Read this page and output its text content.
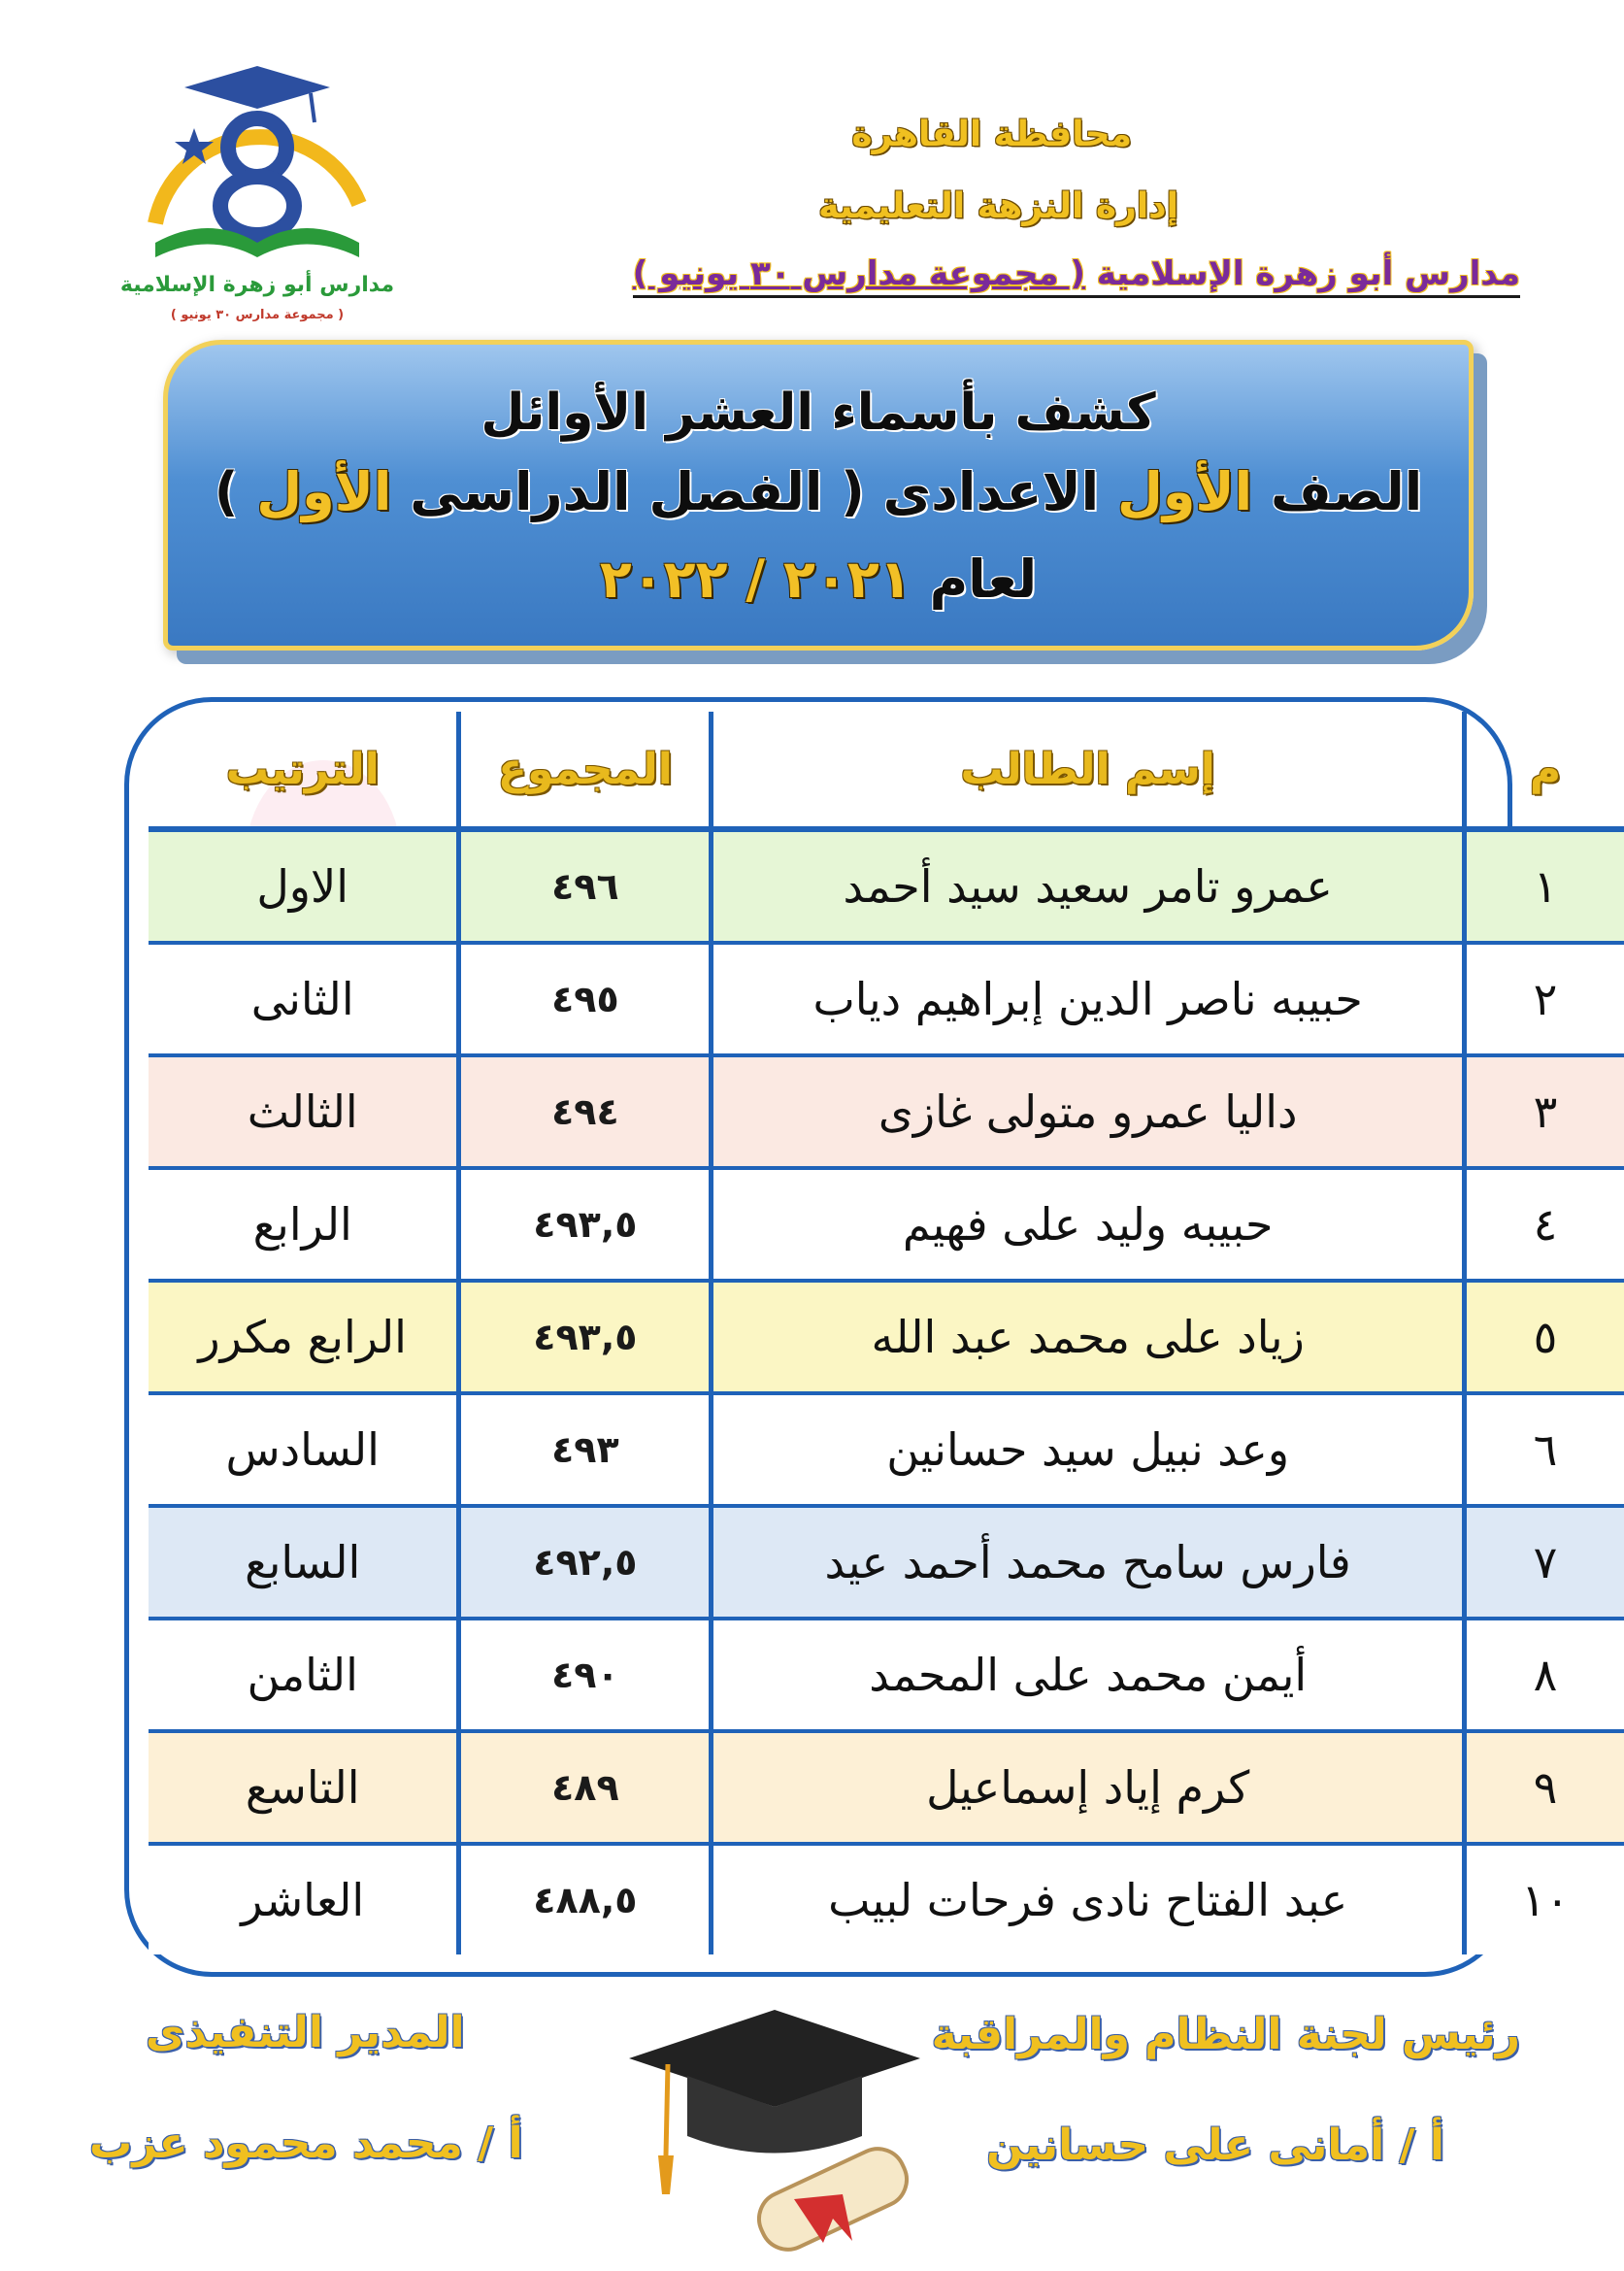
مدارس أبو زهرة الإسلامية
( مجموعة مدارس ٣٠ يونيو )
محافظة القاهرة
إدارة النزهة التعليمية
مدارس أبو زهرة الإسلامية ( مجموعة مدارس ٣٠ يونيو )
كشف بأسماء العشر الأوائل
الصف الأول الاعدادى ( الفصل الدراسى الأول )
لعام ٢٠٢١ / ٢٠٢٢
م	إسم الطالب	المجموع	الترتيب
١	عمرو تامر سعيد سيد أحمد	٤٩٦	الاول
٢	حبيبه ناصر الدين إبراهيم دياب	٤٩٥	الثانى
٣	داليا عمرو متولى غازى	٤٩٤	الثالث
٤	حبيبه وليد على فهيم	٤٩٣,٥	الرابع
٥	زياد على محمد عبد الله	٤٩٣,٥	الرابع مكرر
٦	وعد نبيل سيد حسانين	٤٩٣	السادس
٧	فارس سامح محمد أحمد عيد	٤٩٢,٥	السابع
٨	أيمن محمد على المحمد	٤٩٠	الثامن
٩	كرم إياد إسماعيل	٤٨٩	التاسع
١٠	عبد الفتاح نادى فرحات لبيب	٤٨٨,٥	العاشر
رئيس لجنة النظام والمراقبة
أ / أمانى على حسانين
المدير التنفيذى
أ / محمد محمود عزب
